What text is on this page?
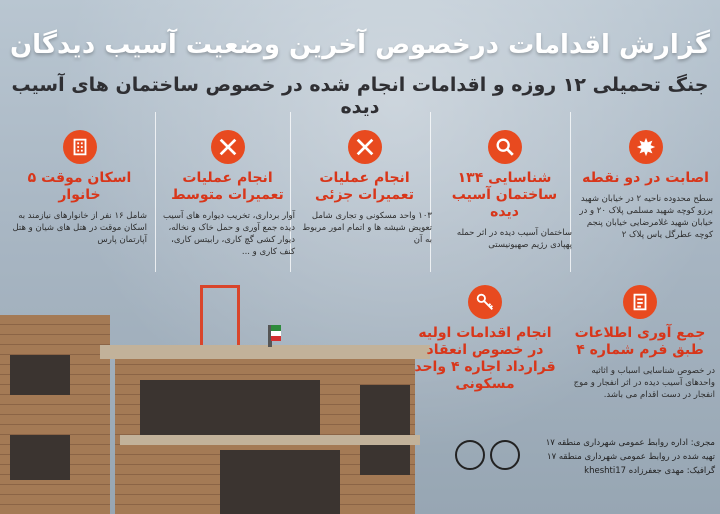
گزارش اقدامات درخصوص آخرین وضعیت آسیب دیدگان
جنگ تحمیلی ۱۲ روزه و اقدامات انجام شده در خصوص ساختمان های آسیب دیده
اصابت در دو نقطه
سطح محدوده ناحیه ۲ در خیابان شهید برزو کوچه شهید مسلمی پلاک ۲۰ و در خیابان شهید غلامرضایی خیابان پنجم کوچه عطرگل یاس پلاک ۲
شناسایی ۱۳۴ ساختمان آسیب دیده
ساختمان آسیب دیده در اثر حمله پهپادی رژیم صهیونیستی
انجام عملیات تعمیرات جزئی
۱۰۳ واحد مسکونی و تجاری شامل تعویض شیشه ها و اتمام امور مربوط به آن
انجام عملیات تعمیرات متوسط
آوار برداری، تخریب دیواره های آسیب دیده جمع آوری و حمل خاک و نخاله، دیوار کشی گچ کاری، رابیتس کاری، کنف کاری و ...
اسکان موقت ۵ خانوار
شامل ۱۶ نفر از خانوارهای نیازمند به اسکان موقت در هتل های شیان و هتل آپارتمان پارس
جمع آوری اطلاعات طبق فرم شماره ۴
در خصوص شناسایی اسباب و اثاثیه واحدهای آسیب دیده در اثر انفجار و موج انفجار در دست اقدام می باشد.
انجام اقدامات اولیه در خصوص انعقاد قرارداد اجاره ۴ واحد مسکونی
مجری: اداره روابط عمومی شهرداری منطقه ۱۷
تهیه شده در روابط عمومی شهرداری منطقه ۱۷
گرافیک: مهدی جعفرزاده kheshti17
